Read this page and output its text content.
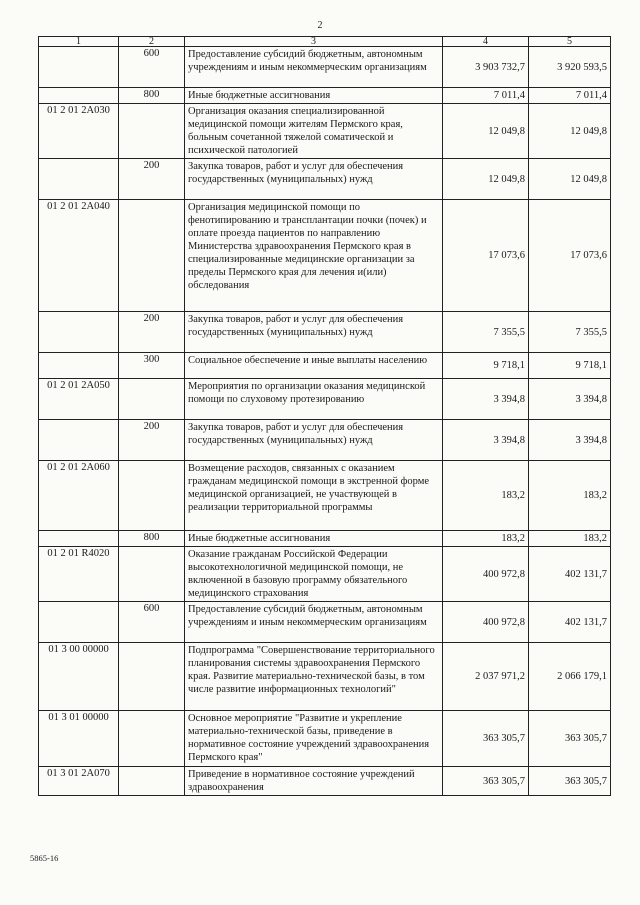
2
1	2	3	4	5
	600	Предоставление субсидий бюджетным, автономным учреждениям и иным некоммерческим организациям	3 903 732,7	3 920 593,5
	800	Иные бюджетные ассигнования	7 011,4	7 011,4
01 2 01 2А030		Организация оказания специализированной медицинской помощи жителям Пермского края, больным сочетанной тяжелой соматической и психической патологией	12 049,8	12 049,8
	200	Закупка товаров, работ и услуг для обеспечения государственных (муниципальных) нужд	12 049,8	12 049,8
01 2 01 2А040		Организация медицинской помощи по фенотипированию и трансплантации почки (почек) и оплате проезда пациентов по направлению Министерства здравоохранения Пермского края в специализированные медицинские организации за пределы Пермского края для лечения и(или) обследования	17 073,6	17 073,6
	200	Закупка товаров, работ и услуг для обеспечения государственных (муниципальных) нужд	7 355,5	7 355,5
	300	Социальное обеспечение и иные выплаты населению	9 718,1	9 718,1
01 2 01 2А050		Мероприятия по организации оказания медицинской помощи по слуховому протезированию	3 394,8	3 394,8
	200	Закупка товаров, работ и услуг для обеспечения государственных (муниципальных) нужд	3 394,8	3 394,8
01 2 01 2А060		Возмещение расходов, связанных с оказанием гражданам медицинской помощи в экстренной форме медицинской организацией, не участвующей в реализации территориальной программы	183,2	183,2
	800	Иные бюджетные ассигнования	183,2	183,2
01 2 01 R4020		Оказание гражданам Российской Федерации высокотехнологичной медицинской помощи, не включенной в базовую программу обязательного медицинского страхования	400 972,8	402 131,7
	600	Предоставление субсидий бюджетным, автономным учреждениям и иным некоммерческим организациям	400 972,8	402 131,7
01 3 00 00000		Подпрограмма "Совершенствование территориального планирования системы здравоохранения Пермского края. Развитие материально-технической базы, в том числе развитие информационных технологий"	2 037 971,2	2 066 179,1
01 3 01 00000		Основное мероприятие "Развитие и укрепление материально-технической базы, приведение в нормативное состояние учреждений здравоохранения Пермского края"	363 305,7	363 305,7
01 3 01 2А070		Приведение в нормативное состояние учреждений здравоохранения	363 305,7	363 305,7
5865-16
